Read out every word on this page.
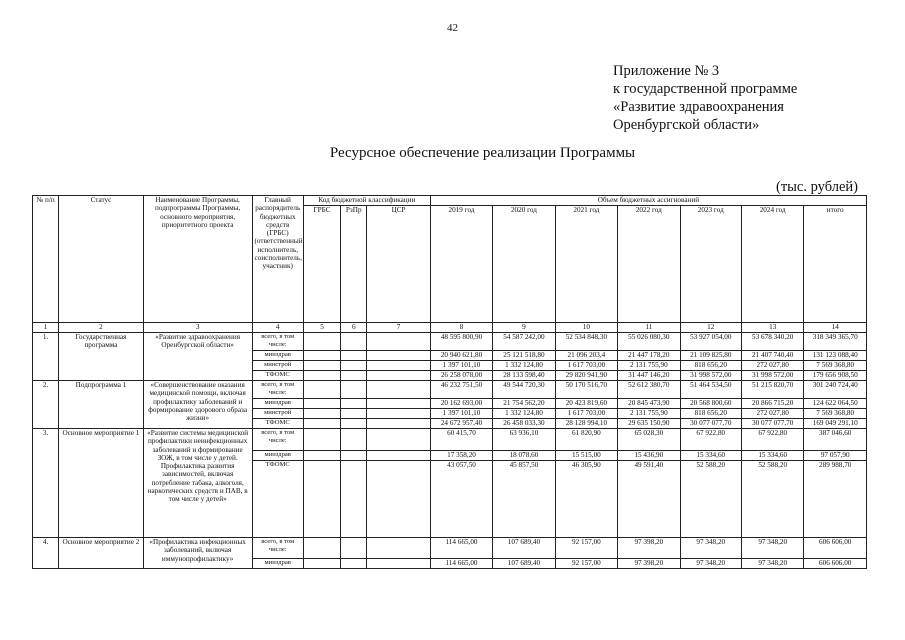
42
Приложение № 3
к государственной программе
«Развитие здравоохранения
Оренбургской области»
Ресурсное обеспечение реализации Программы
(тыс. рублей)
№ п/п	Статус	Наименование Программы, подпрограммы Программы, основного мероприятия, приоритетного проекта	Главный распорядитель бюджетных средств (ГРБС) (ответственный исполнитель, соисполнитель, участник)	Код бюджетной классификации			Объем бюджетных ассигнований						
				ГРБС	РзПр	ЦСР	2019 год	2020 год	2021 год	2022 год	2023 год	2024 год	итого
1	2	3	4	5	6	7	8	9	10	11	12	13	14
1.	Государственная программа	«Развитие здравоохранения Оренбургской области»	всего, в том числе:				48 595 800,90	54 587 242,00	52 534 848,30	55 026 080,30	53 927 054,00	53 678 340,20	318 349 365,70
			минздрав				20 940 621,80	25 121 518,80	21 096 203,4	21 447 178,20	21 109 825,80	21 407 740,40	131 123 088,40
			минстрой				1 397 101,10	1 332 124,80	1 617 703,00	2 131 755,90	818 656,20	272 027,80	7 569 368,80
			ТФОМС				26 258 078,00	28 133 598,40	29 820 941,90	31 447 146,20	31 998 572,00	31 998 572,00	179 656 908,50
2.	Подпрограмма 1	«Совершенствование оказания медицинской помощи, включая профилактику заболеваний и формирование здорового образа жизни»	всего, в том числе:				46 232 751,50	49 544 720,30	50 170 516,70	52 612 380,70	51 464 534,50	51 215 820,70	301 240 724,40
			минздрав				20 162 693,00	21 754 562,20	20 423 819,60	20 845 473,90	20 568 800,60	20 866 715,20	124 622 064,50
			минстрой				1 397 101,10	1 332 124,80	1 617 703,00	2 131 755,90	818 656,20	272 027,80	7 569 368,80
			ТФОМС				24 672 957,40	26 458 033,30	28 128 994,10	29 635 150,90	30 077 077,70	30 077 077,70	169 049 291,10
3.	Основное мероприятие 1	«Развитие системы медицинской профилактики неинфекционных заболеваний и формирование ЗОЖ, в том числе у детей. Профилактика развития зависимостей, включая потребление табака, алкоголя, наркотических средств и ПАВ, в том числе у детей»	всего, в том числе:				60 415,70	63 936,10	61 820,90	65 028,30	67 922,80	67 922,80	387 046,60
			минздрав				17 358,20	18 078,60	15 515,00	15 436,90	15 334,60	15 334,60	97 057,90
			ТФОМС				43 057,50	45 857,50	46 305,90	49 591,40	52 588,20	52 588,20	289 988,70
4.	Основное мероприятие 2	«Профилактика инфекционных заболеваний, включая иммунопрофилактику»	всего, в том числе:				114 665,00	107 689,40	92 157,00	97 398,20	97 348,20	97 348,20	606 606,00
			минздрав				114 665,00	107 689,40	92 157,00	97 398,20	97 348,20	97 348,20	606 606,00
